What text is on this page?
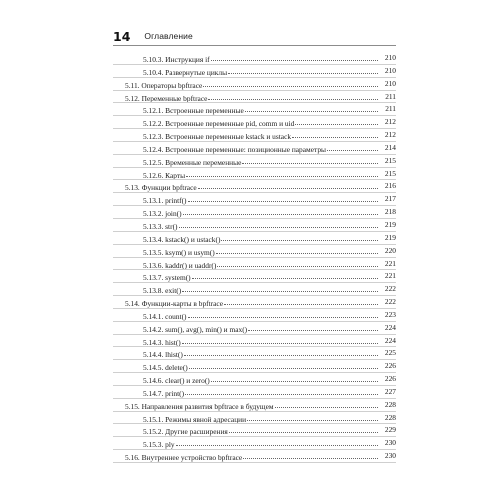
14 Оглавление
5.10.3. Инструкция if	210
5.10.4. Развернутые циклы	210
5.11. Операторы bpftrace	210
5.12. Переменные bpftrace	211
5.12.1. Встроенные переменные	211
5.12.2. Встроенные переменные pid, comm и uid	212
5.12.3. Встроенные переменные kstack и ustack	212
5.12.4. Встроенные переменные: позиционные параметры	214
5.12.5. Временные переменные	215
5.12.6. Карты	215
5.13. Функции bpftrace	216
5.13.1. printf()	217
5.13.2. join()	218
5.13.3. str()	219
5.13.4. kstack() и ustack()	219
5.13.5. ksym() и usym()	220
5.13.6. kaddr() и uaddr()	221
5.13.7. system()	221
5.13.8. exit()	222
5.14. Функции-карты в bpftrace	222
5.14.1. count()	223
5.14.2. sum(), avg(), min() и max()	224
5.14.3. hist()	224
5.14.4. lhist()	225
5.14.5. delete()	226
5.14.6. clear() и zero()	226
5.14.7. print()	227
5.15. Направления развития bpftrace в будущем	228
5.15.1. Режимы явной адресации	228
5.15.2. Другие расширения	229
5.15.3. ply	230
5.16. Внутреннее устройство bpftrace	230
